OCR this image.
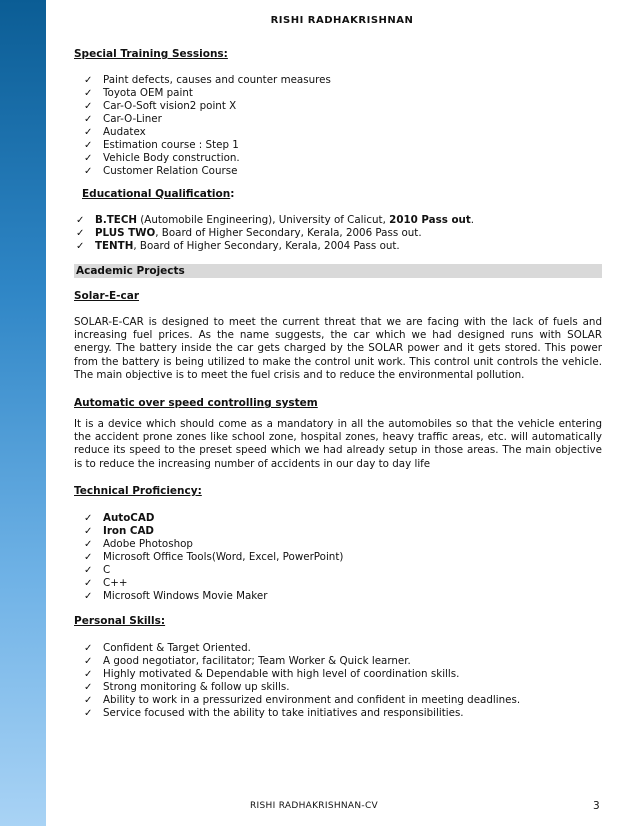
RISHI RADHAKRISHNAN
Special Training Sessions:
✓	Paint defects, causes and counter measures
✓	Toyota OEM paint
✓	Car-O-Soft vision2 point X
✓	Car-O-Liner
✓	Audatex
✓	Estimation course : Step 1
✓	Vehicle Body construction.
✓	Customer Relation Course
Educational Qualification:
✓	B.TECH (Automobile Engineering), University of Calicut, 2010 Pass out .
✓	PLUS TWO , Board of Higher Secondary, Kerala, 2006 Pass out.
✓	TENTH , Board of Higher Secondary, Kerala, 2004 Pass out.
Academic Projects
Solar-E-car

SOLAR-E-CAR is designed to meet the current threat that we are facing with the lack of fuels and increasing fuel prices. As the name suggests, the car which we had designed runs with SOLAR energy. The battery inside the car gets charged by the SOLAR power and it gets stored. This power from the battery is being utilized to make the control unit work. This control unit controls the vehicle. The main objective is to meet the fuel crisis and to reduce the environmental pollution.

Automatic over speed controlling system

It is a device which should come as a mandatory in all the automobiles so that the vehicle entering the accident prone zones like school zone, hospital zones, heavy traffic areas, etc. will automatically reduce its speed to the preset speed which we had already setup in those areas. The main objective is to reduce the increasing number of accidents in our day to day life

Technical Proficiency:
✓	AutoCAD
✓	Iron CAD
✓	Adobe Photoshop
✓	Microsoft Office Tools(Word, Excel, PowerPoint)
✓	C
✓	C++
✓	Microsoft Windows Movie Maker
Personal Skills:
✓	Confident & Target Oriented.
✓	A good negotiator, facilitator; Team Worker & Quick learner.
✓	Highly motivated & Dependable with high level of coordination skills.
✓	Strong monitoring & follow up skills.
✓	Ability to work in a pressurized environment and confident in meeting deadlines.
✓	Service focused with the ability to take initiatives and responsibilities.
RISHI RADHAKRISHNAN-CV	3
